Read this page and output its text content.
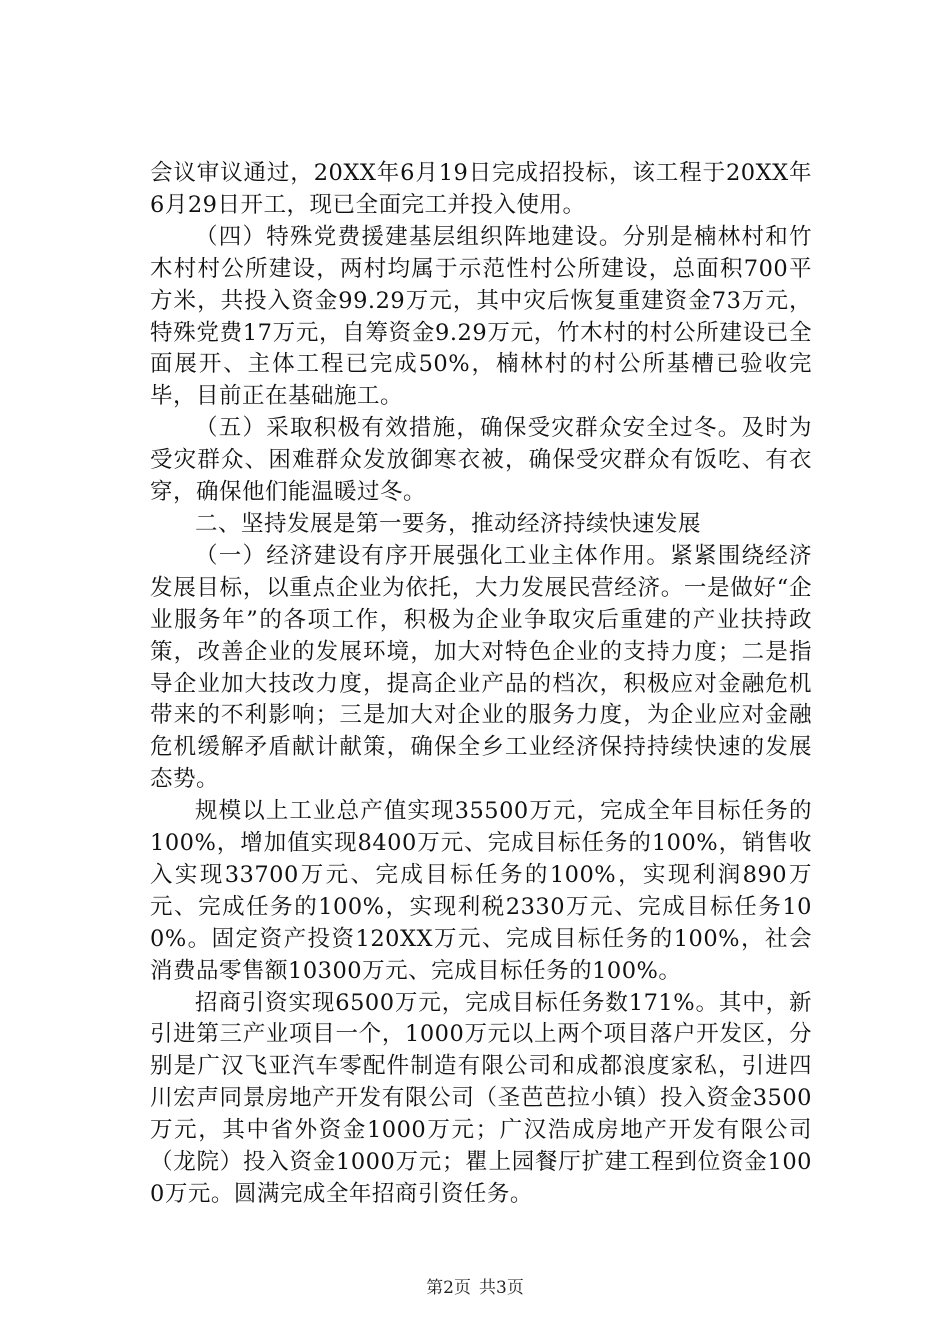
会议审议通过，20XX年6月19日完成招投标，该工程于20XX年6月29日开工，现已全面完工并投入使用。

（四）特殊党费援建基层组织阵地建设。分别是楠林村和竹木村村公所建设，两村均属于示范性村公所建设，总面积700平方米，共投入资金99.29万元，其中灾后恢复重建资金73万元，特殊党费17万元，自筹资金9.29万元，竹木村的村公所建设已全面展开、主体工程已完成50%，楠林村的村公所基槽已验收完毕，目前正在基础施工。

（五）采取积极有效措施，确保受灾群众安全过冬。及时为受灾群众、困难群众发放御寒衣被，确保受灾群众有饭吃、有衣穿，确保他们能温暖过冬。

二、坚持发展是第一要务，推动经济持续快速发展

（一）经济建设有序开展强化工业主体作用。紧紧围绕经济发展目标，以重点企业为依托，大力发展民营经济。一是做好“企业服务年”的各项工作，积极为企业争取灾后重建的产业扶持政策，改善企业的发展环境，加大对特色企业的支持力度；二是指导企业加大技改力度，提高企业产品的档次，积极应对金融危机带来的不利影响；三是加大对企业的服务力度，为企业应对金融危机缓解矛盾献计献策，确保全乡工业经济保持持续快速的发展态势。

规模以上工业总产值实现35500万元，完成全年目标任务的100%，增加值实现8400万元、完成目标任务的100%，销售收入实现33700万元、完成目标任务的100%，实现利润890万元、完成任务的100%，实现利税2330万元、完成目标任务100%。固定资产投资120XX万元、完成目标任务的100%，社会消费品零售额10300万元、完成目标任务的100%。

招商引资实现6500万元，完成目标任务数171%。其中，新引进第三产业项目一个，1000万元以上两个项目落户开发区，分别是广汉飞亚汽车零配件制造有限公司和成都浪度家私，引进四川宏声同景房地产开发有限公司（圣芭芭拉小镇）投入资金3500万元，其中省外资金1000万元；广汉浩成房地产开发有限公司（龙院）投入资金1000万元；瞿上园餐厅扩建工程到位资金1000万元。圆满完成全年招商引资任务。

第2页 共3页
